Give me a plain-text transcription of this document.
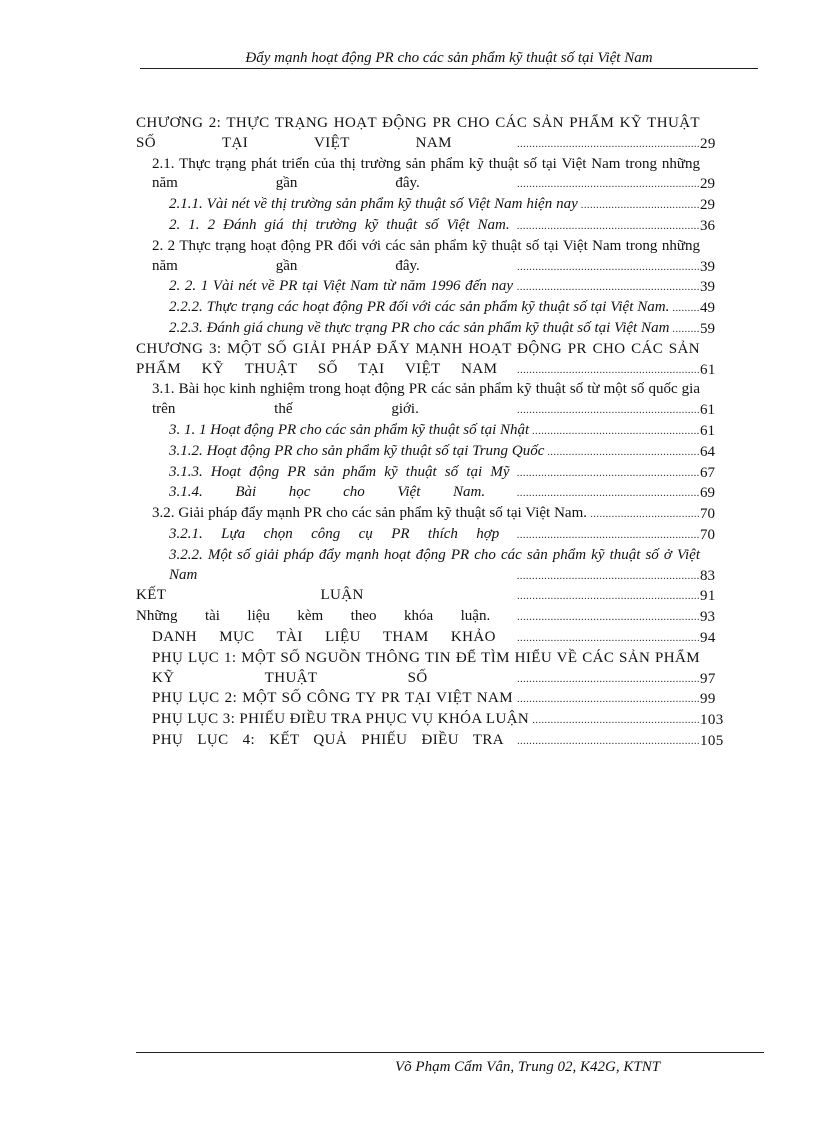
Đẩy mạnh hoạt động PR cho các sản phẩm kỹ thuật số tại Việt Nam
CHƯƠNG 2: THỰC TRẠNG HOẠT ĐỘNG PR CHO CÁC SẢN PHẨM KỸ THUẬT SỐ TẠI VIỆT NAM ............................................................ 29
2.1. Thực trạng phát triển của thị trường sản phẩm kỹ thuật số tại Việt Nam trong những năm gần đây. ............................................................ 29
2.1.1. Vài nét về thị trường sản phẩm kỹ thuật số Việt Nam hiện nay ....................................... 29
2. 1. 2 Đánh giá thị trường kỹ thuật số Việt Nam. ............................................................ 36
2. 2 Thực trạng hoạt động PR đối với các sản phẩm kỹ thuật số tại Việt Nam trong những năm gần đây. ............................................................ 39
2. 2. 1 Vài nét về PR tại Việt Nam từ năm 1996 đến nay ............................................................ 39
2.2.2. Thực trạng các hoạt động PR đối với các sản phẩm kỹ thuật số tại Việt Nam. ......... 49
2.2.3. Đánh giá chung về thực trạng PR cho các sản phẩm kỹ thuật số tại Việt Nam ......... 59
CHƯƠNG 3: MỘT SỐ GIẢI PHÁP ĐẨY MẠNH HOẠT ĐỘNG PR CHO CÁC SẢN PHẨM KỸ THUẬT SỐ TẠI VIỆT NAM ............................................................ 61
3.1. Bài học kinh nghiệm trong hoạt động PR các sản phẩm kỹ thuật số từ một số quốc gia trên thế giới. ............................................................ 61
3. 1. 1 Hoạt động PR cho các sản phẩm kỹ thuật số tại Nhật ....................................................... 61
3.1.2. Hoạt động PR cho sản phẩm kỹ thuật số tại Trung Quốc .................................................. 64
3.1.3. Hoạt động PR sản phẩm kỹ thuật số tại Mỹ ............................................................ 67
3.1.4. Bài học cho Việt Nam. ............................................................ 69
3.2. Giải pháp đẩy mạnh PR cho các sản phẩm kỹ thuật số tại Việt Nam. .................................... 70
3.2.1. Lựa chọn công cụ PR thích hợp ............................................................ 70
3.2.2. Một số giải pháp đẩy mạnh hoạt động PR cho các sản phẩm kỹ thuật số ở Việt Nam ............................................................ 83
KẾT LUẬN ............................................................ 91
Những tài liệu kèm theo khóa luận. ............................................................ 93
DANH MỤC TÀI LIỆU THAM KHẢO ............................................................ 94
PHỤ LỤC 1: MỘT SỐ NGUỒN THÔNG TIN ĐỂ TÌM HIỂU VỀ CÁC SẢN PHẨM KỸ THUẬT SỐ ............................................................ 97
PHỤ LỤC 2: MỘT SỐ CÔNG TY PR TẠI VIỆT NAM ............................................................ 99
PHỤ LỤC 3: PHIẾU ĐIỀU TRA PHỤC VỤ KHÓA LUẬN ....................................................... 103
PHỤ LỤC 4: KẾT QUẢ PHIẾU ĐIỀU TRA ............................................................ 105
Võ Phạm Cẩm Vân, Trung 02, K42G, KTNT
